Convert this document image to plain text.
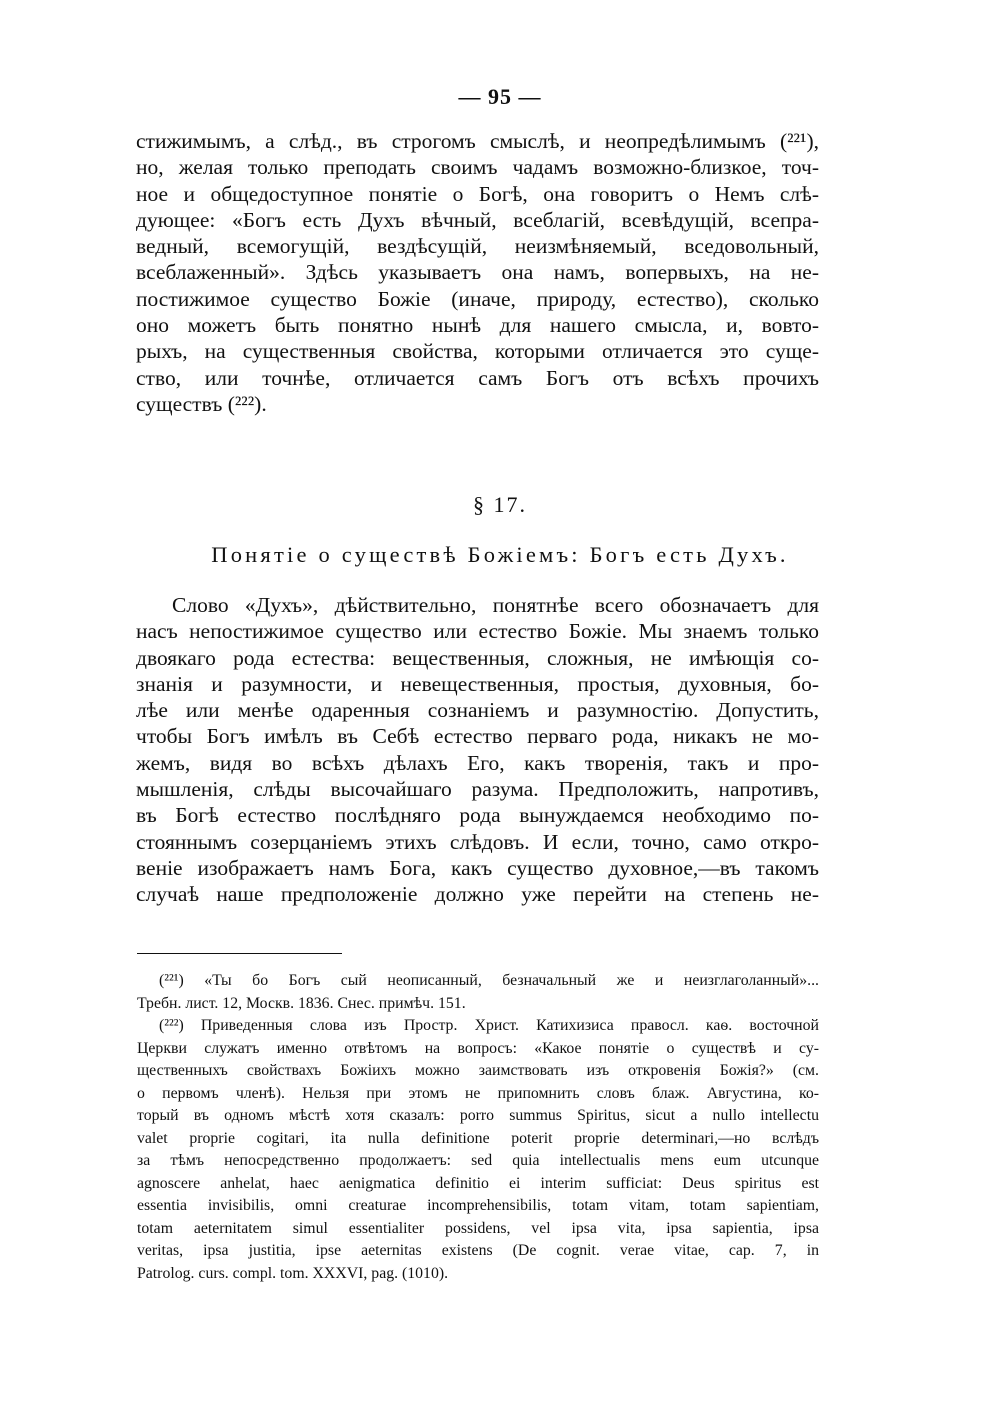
— 95 —
стижимымъ, а слѣд., въ строгомъ смыслѣ, и неопредѣлимымъ (²²¹),
но, желая только преподать своимъ чадамъ возможно-близкое, точ-
ное и общедоступное понятіе о Богѣ, она говоритъ о Немъ слѣ-
дующее: «Богъ есть Духъ вѣчный, всеблагій, всевѣдущій, всепра-
ведный, всемогущій, вездѣсущій, неизмѣняемый, вседовольный,
всеблаженный». Здѣсь указываетъ она намъ, вопервыхъ, на не-
постижимое существо Божіе (иначе, природу, естество), сколько
оно можетъ быть понятно нынѣ для нашего смысла, и, вовто-
рыхъ, на существенныя свойства, которыми отличается это суще-
ство, или точнѣе, отличается самъ Богъ отъ всѣхъ прочихъ
существъ (²²²).
§ 17.
Понятіе о существѣ Божіемъ: Богъ есть Духъ.
Слово «Духъ», дѣйствительно, понятнѣе всего обозначаетъ для
насъ непостижимое существо или естество Божіе. Мы знаемъ только
двоякаго рода естества: вещественныя, сложныя, не имѣющія со-
знанія и разумности, и невещественныя, простыя, духовныя, бо-
лѣе или менѣе одаренныя сознаніемъ и разумностію. Допустить,
чтобы Богъ имѣлъ въ Себѣ естество перваго рода, никакъ не мо-
жемъ, видя во всѣхъ дѣлахъ Его, какъ творенія, такъ и про-
мышленія, слѣды высочайшаго разума. Предположить, напротивъ,
въ Богѣ естество послѣдняго рода вынуждаемся необходимо по-
стояннымъ созерцаніемъ этихъ слѣдовъ. И если, точно, само откро-
веніе изображаетъ намъ Бога, какъ существо духовное,—въ такомъ
случаѣ наше предположеніе должно уже перейти на степень не-
(²²¹) «Ты бо Богъ сый неописанный, безначальный же и неизглаголанный»...
Требн. лист. 12, Москв. 1836. Снес. примѣч. 151.
(²²²) Приведенныя слова изъ Простр. Христ. Катихизиса правосл. каѳ. восточной
Церкви служатъ именно отвѣтомъ на вопросъ: «Какое понятіе о существѣ и су-
щественныхъ свойствахъ Божіихъ можно заимствовать изъ откровенія Божія?» (см.
о первомъ членѣ). Нельзя при этомъ не припомнить словъ блаж. Августина, ко-
торый въ одномъ мѣстѣ хотя сказалъ: porro summus Spiritus, sicut a nullo intellectu
valet proprie cogitari, ita nulla definitione poterit proprie determinari,—но вслѣдъ
за тѣмъ непосредственно продолжаетъ: sed quia intellectualis mens eum utcunque
agnoscere anhelat, haec aenigmatica definitio ei interim sufficiat: Deus spiritus est
essentia invisibilis, omni creaturae incomprehensibilis, totam vitam, totam sapientiam,
totam aeternitatem simul essentialiter possidens, vel ipsa vita, ipsa sapientia, ipsa
veritas, ipsa justitia, ipse aeternitas existens (De cognit. verae vitae, cap. 7, in
Patrolog. curs. compl. tom. XXXVI, pag. (1010).
